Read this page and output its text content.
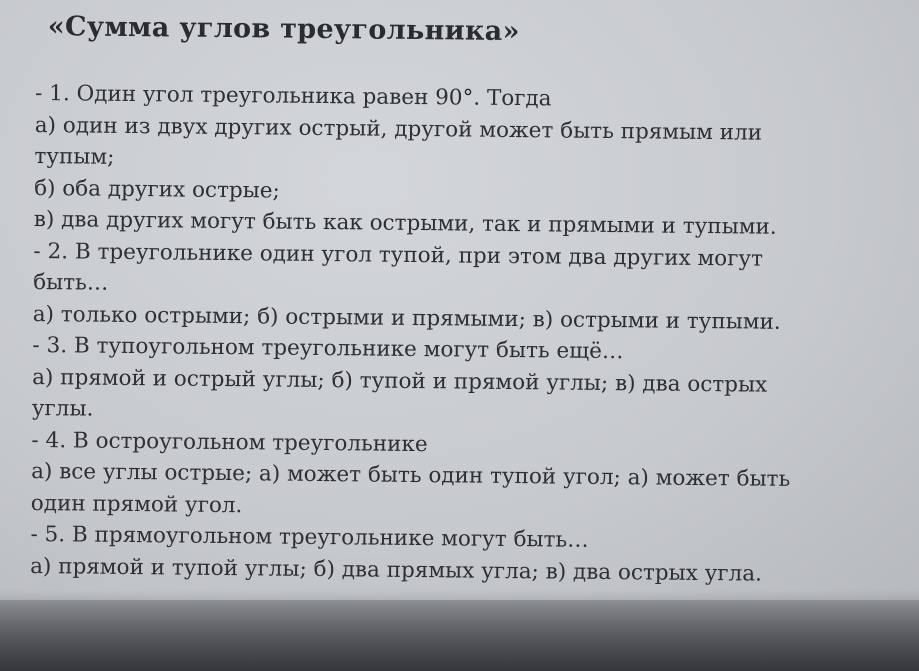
«Сумма углов треугольника»
- 1. Один угол треугольника равен 90°. Тогда
а) один из двух других острый, другой может быть прямым или
тупым;
б) оба других острые;
в) два других могут быть как острыми, так и прямыми и тупыми.
- 2. В треугольнике один угол тупой, при этом два других могут
быть…
а) только острыми; б) острыми и прямыми; в) острыми и тупыми.
- 3. В тупоугольном треугольнике могут быть ещё…
а) прямой и острый углы; б) тупой и прямой углы; в) два острых
углы.
- 4. В остроугольном треугольнике
а) все углы острые; а) может быть один тупой угол; а) может быть
один прямой угол.
- 5. В прямоугольном треугольнике могут быть…
а) прямой и тупой углы; б) два прямых угла; в) два острых угла.
